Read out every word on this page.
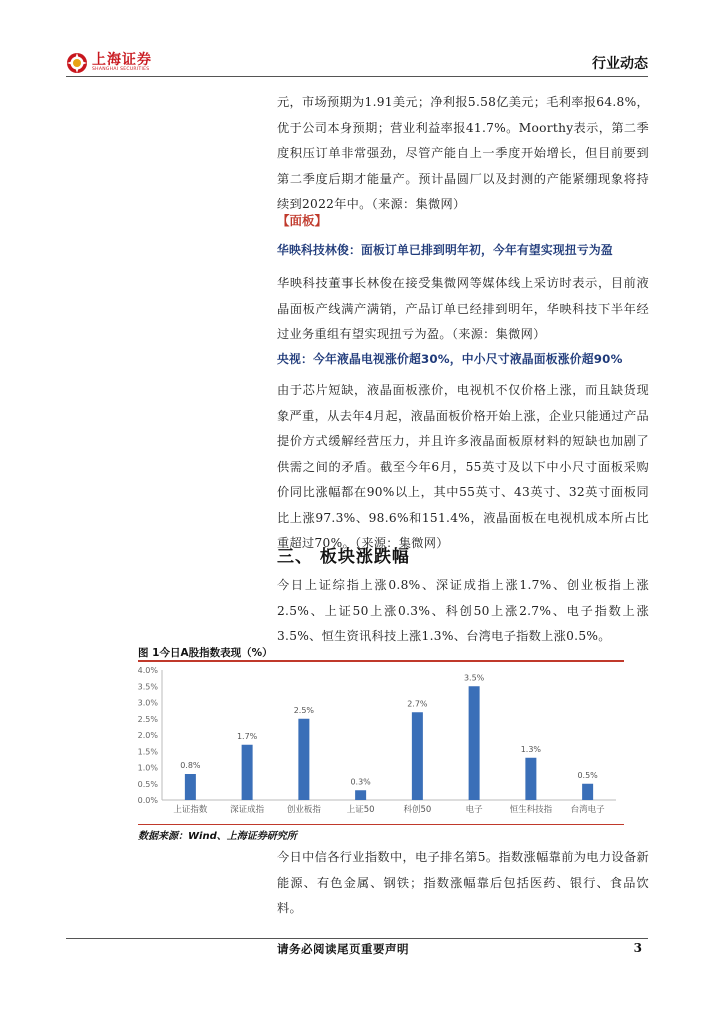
上海证券
SHANGHAI SECURITIES	行业动态

元，市场预期为1.91美元；净利报5.58亿美元；毛利率报64.8%，优于公司本身预期；营业利益率报41.7%。Moorthy表示，第二季度积压订单非常强劲，尽管产能自上一季度开始增长，但目前要到第二季度后期才能量产。预计晶圆厂以及封测的产能紧绷现象将持续到2022年中。（来源：集微网）

【面板】
华映科技林俊：面板订单已排到明年初，今年有望实现扭亏为盈

华映科技董事长林俊在接受集微网等媒体线上采访时表示，目前液晶面板产线满产满销，产品订单已经排到明年，华映科技下半年经过业务重组有望实现扭亏为盈。（来源：集微网）

央视：今年液晶电视涨价超30%，中小尺寸液晶面板涨价超90%

由于芯片短缺，液晶面板涨价，电视机不仅价格上涨，而且缺货现象严重，从去年4月起，液晶面板价格开始上涨，企业只能通过产品提价方式缓解经营压力，并且许多液晶面板原材料的短缺也加剧了供需之间的矛盾。截至今年6月，55英寸及以下中小尺寸面板采购价同比涨幅都在90%以上，其中55英寸、43英寸、32英寸面板同比上涨97.3%、98.6%和151.4%，液晶面板在电视机成本所占比重超过70%。（来源：集微网）

三、 板块涨跌幅

今日上证综指上涨0.8%、深证成指上涨1.7%、创业板指上涨2.5%、上证50上涨0.3%、科创50上涨2.7%、电子指数上涨3.5%、恒生资讯科技上涨1.3%、台湾电子指数上涨0.5%。

图 1今日A股指数表现（%）
0.0%
0.5%
1.0%
1.5%
2.0%
2.5%
3.0%
3.5%
4.0%
0.8%
上证指数
1.7%
深证成指
2.5%
创业板指
0.3%
上证50
2.7%
科创50
3.5%
电子
1.3%
恒生科技指
0.5%
台湾电子
数据来源：Wind、上海证券研究所

今日中信各行业指数中，电子排名第5。指数涨幅靠前为电力设备新能源、有色金属、钢铁；指数涨幅靠后包括医药、银行、食品饮料。

请务必阅读尾页重要声明	3
